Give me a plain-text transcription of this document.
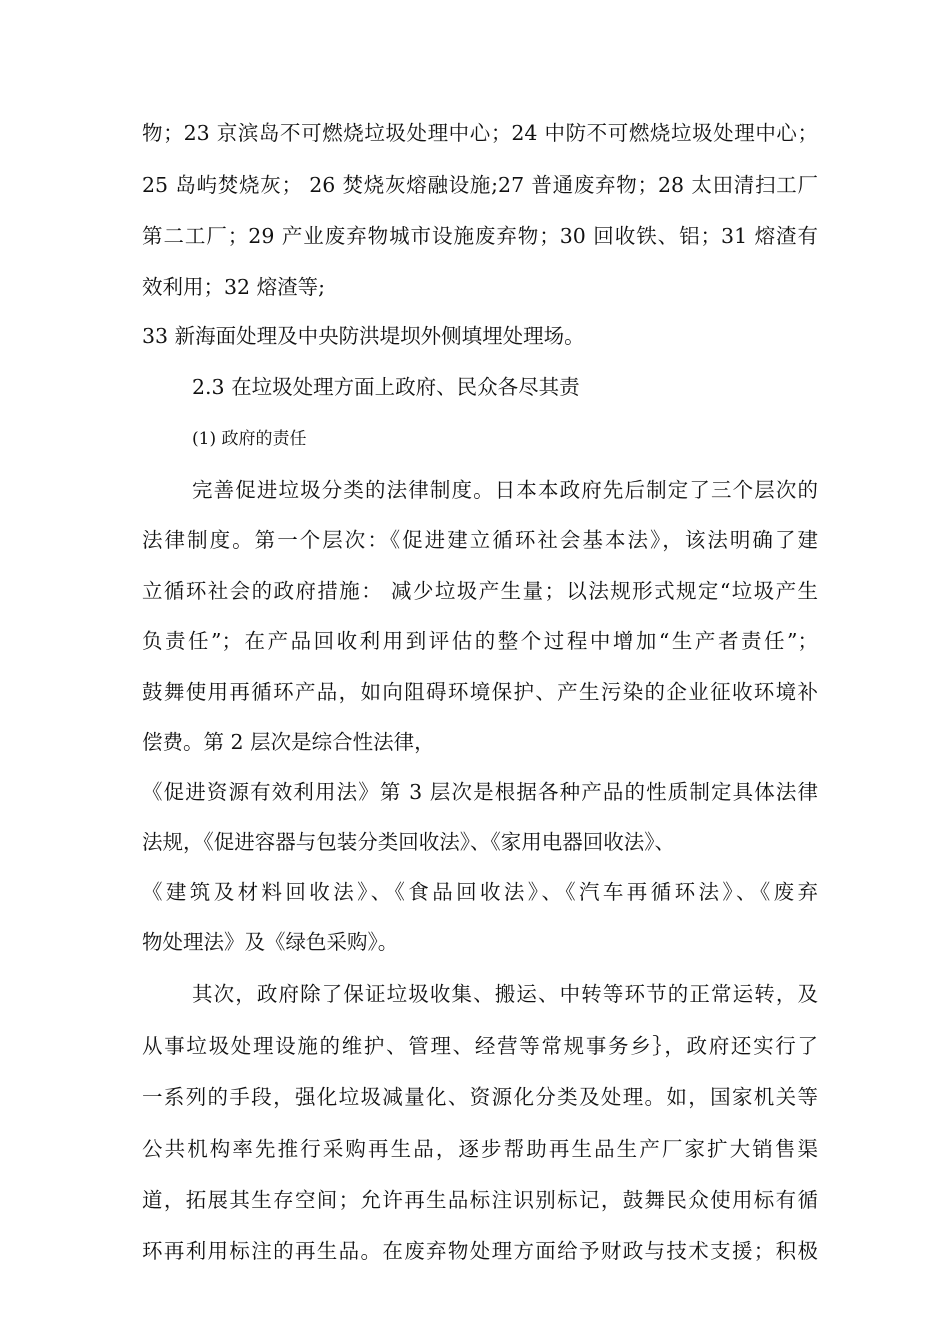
物；23 京滨岛不可燃烧垃圾处理中心；24 中防不可燃烧垃圾处理中心；
25 岛屿焚烧灰； 26 焚烧灰熔融设施;27 普通废弃物；28 太田清扫工厂
第二工厂；29 产业废弃物城市设施废弃物；30 回收铁、铝；31 熔渣有
效利用；32 熔渣等;
33 新海面处理及中央防洪堤坝外侧填埋处理场。
2.3 在垃圾处理方面上政府、民众各尽其责
(1) 政府的责任
完善促进垃圾分类的法律制度。日本本政府先后制定了三个层次的
法律制度。第一个层次：《促进建立循环社会基本法》，该法明确了建
立循环社会的政府措施： 减少垃圾产生量；以法规形式规定“垃圾产生
负责任”；在产品回收利用到评估的整个过程中增加“生产者责任”；
鼓舞使用再循环产品，如向阻碍环境保护、产生污染的企业征收环境补
偿费。第 2 层次是综合性法律，
《促进资源有效利用法》第 3 层次是根据各种产品的性质制定具体法律
法规，《促进容器与包装分类回收法》、《家用电器回收法》、
《建筑及材料回收法》、《食品回收法》、《汽车再循环法》、《废弃
物处理法》及《绿色采购》。
其次，政府除了保证垃圾收集、搬运、中转等环节的正常运转，及
从事垃圾处理设施的维护、管理、经营等常规事务乡｝，政府还实行了
一系列的手段，强化垃圾减量化、资源化分类及处理。如，国家机关等
公共机构率先推行采购再生品，逐步帮助再生品生产厂家扩大销售渠
道，拓展其生存空间；允许再生品标注识别标记，鼓舞民众使用标有循
环再利用标注的再生品。在废弃物处理方面给予财政与技术支援；积极
